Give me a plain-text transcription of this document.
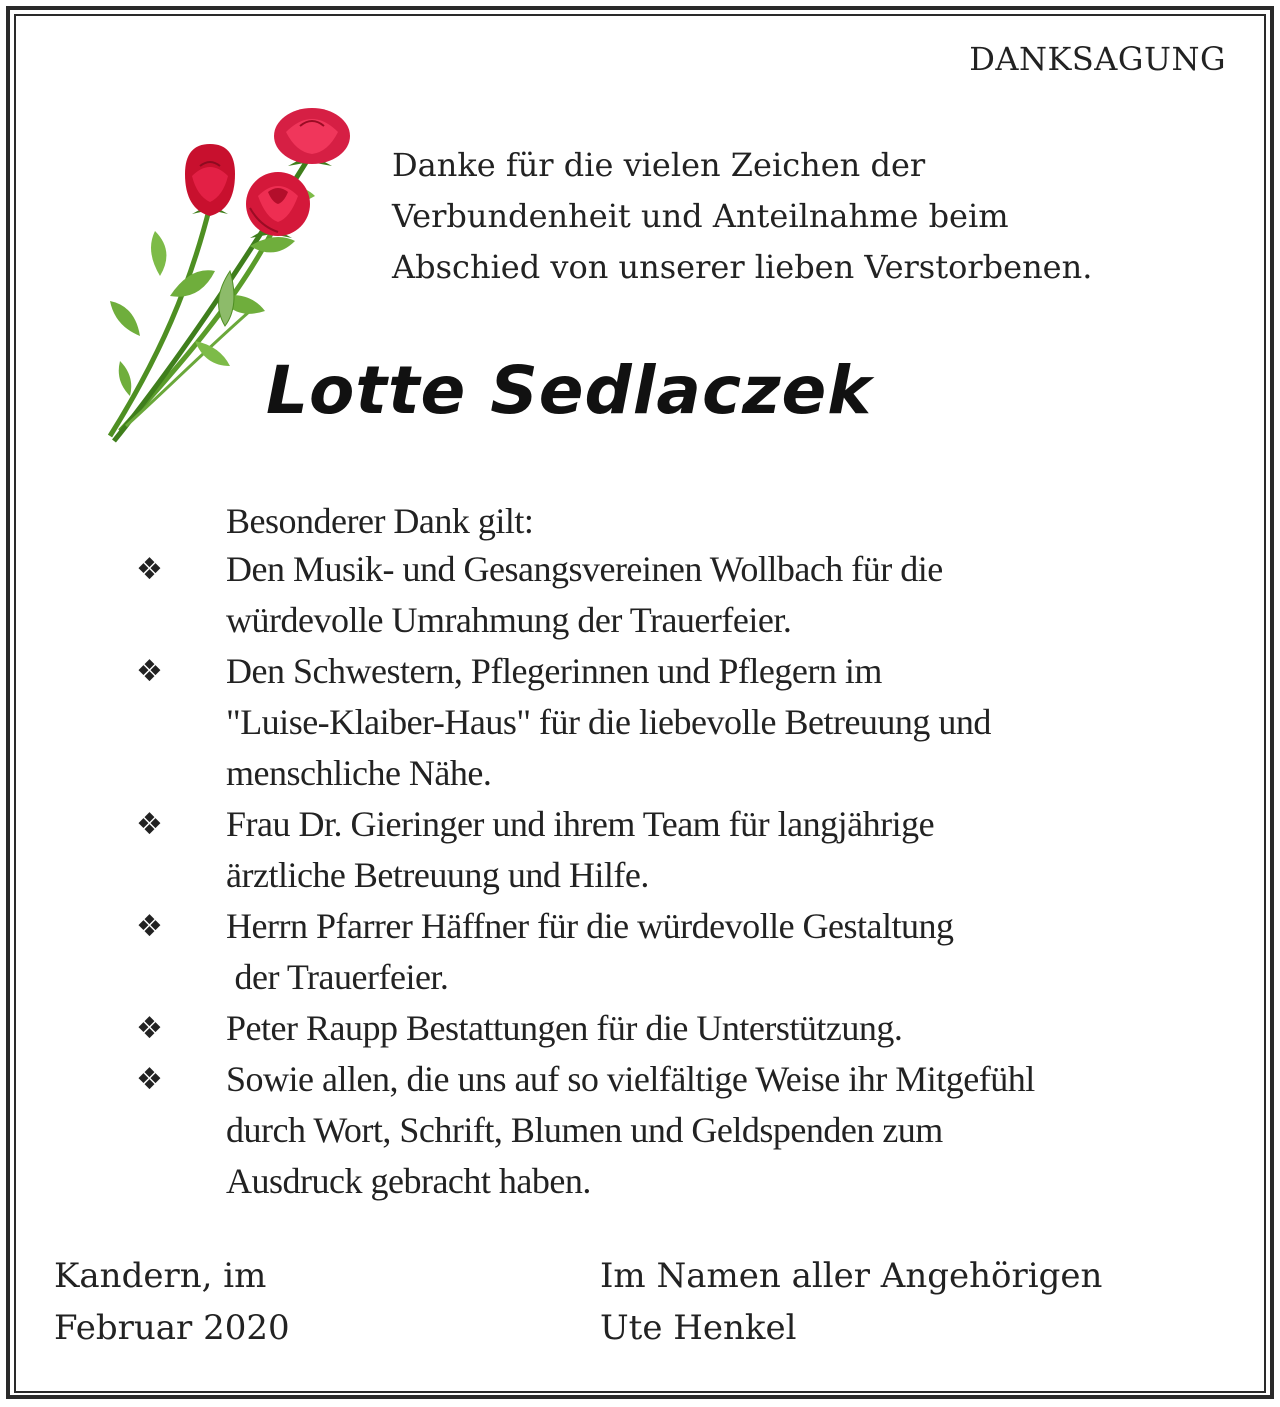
DANKSAGUNG
Danke für die vielen Zeichen der
Verbundenheit und Anteilnahme beim
Abschied von unserer lieben Verstorbenen.
Lotte Sedlaczek
Besonderer Dank gilt:
❖	Den Musik- und Gesangsvereinen Wollbach für die
würdevolle Umrahmung der Trauerfeier.
❖	Den Schwestern, Pflegerinnen und Pflegern im
"Luise-Klaiber-Haus" für die liebevolle Betreuung und
menschliche Nähe.
❖	Frau Dr. Gieringer und ihrem Team für langjährige
ärztliche Betreuung und Hilfe.
❖	Herrn Pfarrer Häffner für die würdevolle Gestaltung
der Trauerfeier.
❖	Peter Raupp Bestattungen für die Unterstützung.
❖	Sowie allen, die uns auf so vielfältige Weise ihr Mitgefühl
durch Wort, Schrift, Blumen und Geldspenden zum
Ausdruck gebracht haben.
Kandern, im
Februar 2020
Im Namen aller Angehörigen
Ute Henkel
